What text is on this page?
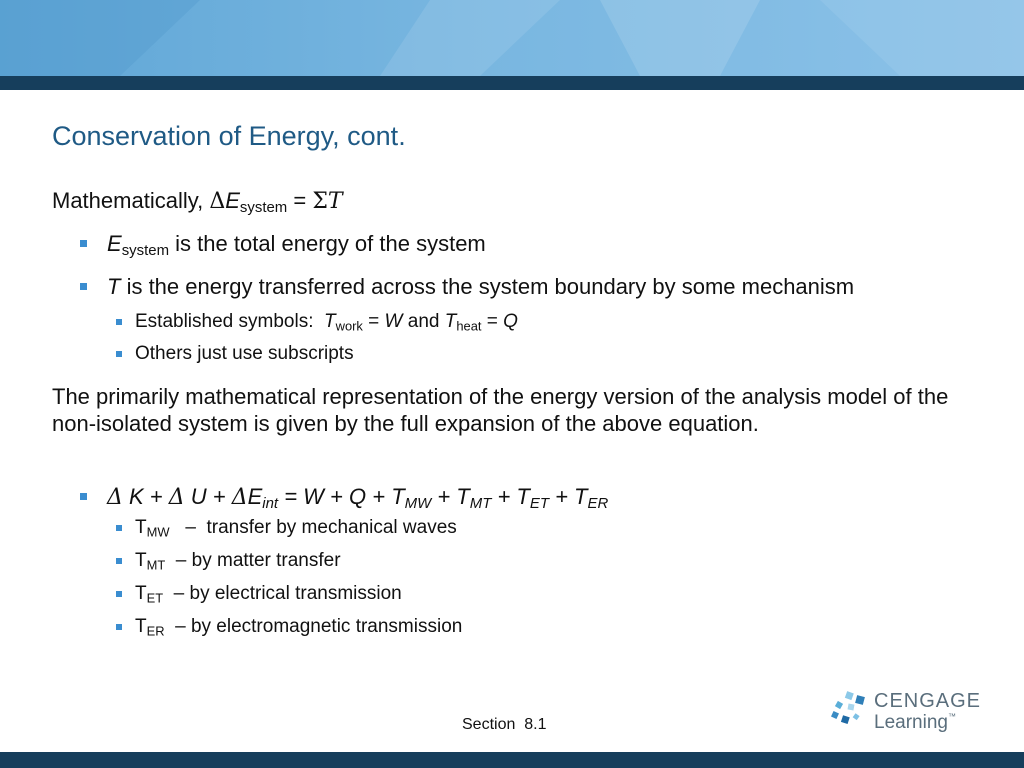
Conservation of Energy, cont.
Mathematically, $\Delta E_{system} = \Sigma T$
$E_{system}$ is the total energy of the system
T is the energy transferred across the system boundary by some mechanism
Established symbols:  $T_{work} = W$ and $T_{heat} = Q$
Others just use subscripts
The primarily mathematical representation of the energy version of the analysis model of the non-isolated system is given by the full expansion of the above equation.
Δ K + Δ $U + \Delta E_{int} = W + Q + T_{MW} + T_{MT} + T_{ET} + T_{ER}$
$T_{MW}$   –  transfer by mechanical waves
$T_{MT}$  – by matter transfer
$T_{ET}$  – by electrical transmission
$T_{ER}$  – by electromagnetic transmission
Section  8.1
CENGAGE
Learning™
